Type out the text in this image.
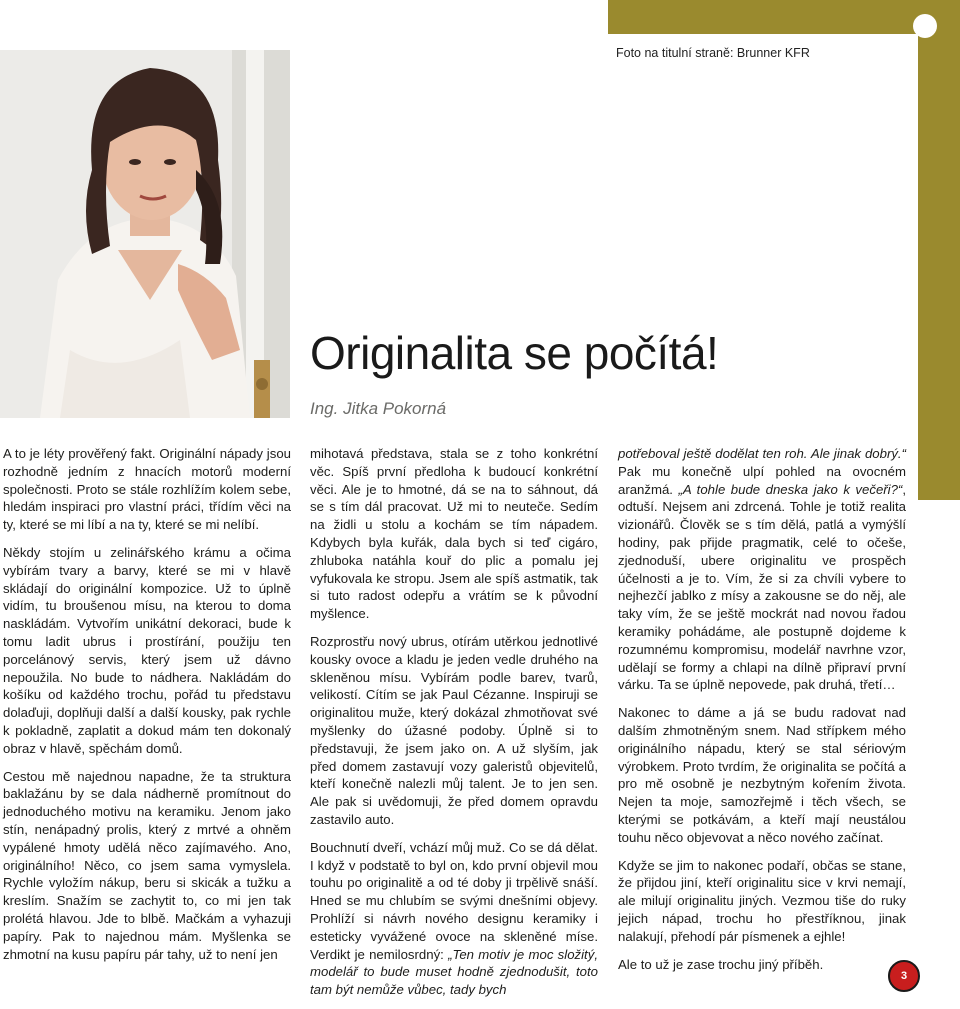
Foto na titulní straně: Brunner KFR
Originalita se počítá!
Ing. Jitka Pokorná

A to je léty prověřený fakt. Originální nápady jsou rozhodně jedním z hnacích motorů moderní společnosti. Proto se stále rozhlížím kolem sebe, hledám inspiraci pro vlastní práci, třídím věci na ty, které se mi líbí a na ty, které se mi nelíbí.

Někdy stojím u zelinářského krámu a očima vybírám tvary a barvy, které se mi v hlavě skládají do originální kompozice. Už to úplně vidím, tu broušenou mísu, na kterou to doma naskládám. Vytvořím unikátní dekoraci, bude k tomu ladit ubrus i prostírání, použiju ten porcelánový servis, který jsem už dávno nepoužila. No bude to nádhera. Nakládám do košíku od každého trochu, pořád tu představu dolaďuji, doplňuji další a další kousky, pak rychle k pokladně, zaplatit a dokud mám ten dokonalý obraz v hlavě, spěchám domů.

Cestou mě najednou napadne, že ta struktura baklažánu by se dala nádherně promítnout do jednoduchého motivu na keramiku. Jenom jako stín, nenápadný prolis, který z mrtvé a ohněm vypálené hmoty udělá něco zajímavého. Ano, originálního! Něco, co jsem sama vymyslela. Rychle vyložím nákup, beru si skicák a tužku a kreslím. Snažím se zachytit to, co mi jen tak prolétá hlavou. Jde to blbě. Mačkám a vyhazuji papíry. Pak to najednou mám. Myšlenka se zhmotní na kusu papíru pár tahy, už to není jen

mihotavá představa, stala se z toho konkrétní věc. Spíš první předloha k budoucí konkrétní věci. Ale je to hmotné, dá se na to sáhnout, dá se s tím dál pracovat. Už mi to neuteče. Sedím na židli u stolu a kochám se tím nápadem. Kdybych byla kuřák, dala bych si teď cigáro, zhluboka natáhla kouř do plic a pomalu jej vyfukovala ke stropu. Jsem ale spíš astmatik, tak si tuto radost odepřu a vrátím se k původní myšlence.

Rozprostřu nový ubrus, otírám utěrkou jednotlivé kousky ovoce a kladu je jeden vedle druhého na skleněnou mísu. Vybírám podle barev, tvarů, velikostí. Cítím se jak Paul Cézanne. Inspiruji se originalitou muže, který dokázal zhmotňovat své myšlenky do úžasné podoby. Úplně si to představuji, že jsem jako on. A už slyším, jak před domem zastavují vozy galeristů objevitelů, kteří konečně nalezli můj talent. Je to jen sen. Ale pak si uvědomuji, že před domem opravdu zastavilo auto.

Bouchnutí dveří, vchází můj muž. Co se dá dělat. I když v podstatě to byl on, kdo první objevil mou touhu po originalitě a od té doby ji trpělivě snáší. Hned se mu chlubím se svými dnešními objevy. Prohlíží si návrh nového designu keramiky i esteticky vyvážené ovoce na skleněné míse. Verdikt je nemilosrdný: „Ten motiv je moc složitý, modelář to bude muset hodně zjednodušit, toto tam být nemůže vůbec, tady bych

potřeboval ještě dodělat ten roh. Ale jinak dobrý.“ Pak mu konečně ulpí pohled na ovocném aranžmá. „A tohle bude dneska jako k večeři?“, odtuší. Nejsem ani zdrcená. Tohle je totiž realita vizionářů. Člověk se s tím dělá, patlá a vymýšlí hodiny, pak přijde pragmatik, celé to očeše, zjednoduší, ubere originalitu ve prospěch účelnosti a je to. Vím, že si za chvíli vybere to nejhezčí jablko z mísy a zakousne se do něj, ale taky vím, že se ještě mockrát nad novou řadou keramiky pohádáme, ale postupně dojdeme k rozumnému kompromisu, modelář navrhne vzor, udělají se formy a chlapi na dílně připraví první várku. Ta se úplně nepovede, pak druhá, třetí…

Nakonec to dáme a já se budu radovat nad dalším zhmotněným snem. Nad střípkem mého originálního nápadu, který se stal sériovým výrobkem. Proto tvrdím, že originalita se počítá a pro mě osobně je nezbytným kořením života. Nejen ta moje, samozřejmě i těch všech, se kterými se potkávám, a kteří mají neustálou touhu něco objevovat a něco nového začínat.

Kdyže se jim to nakonec podaří, občas se stane, že přijdou jiní, kteří originalitu sice v krvi nemají, ale milují originalitu jiných. Vezmou tiše do ruky jejich nápad, trochu ho přestříknou, jinak nalakují, přehodí pár písmenek a ejhle!

Ale to už je zase trochu jiný příběh.

3
